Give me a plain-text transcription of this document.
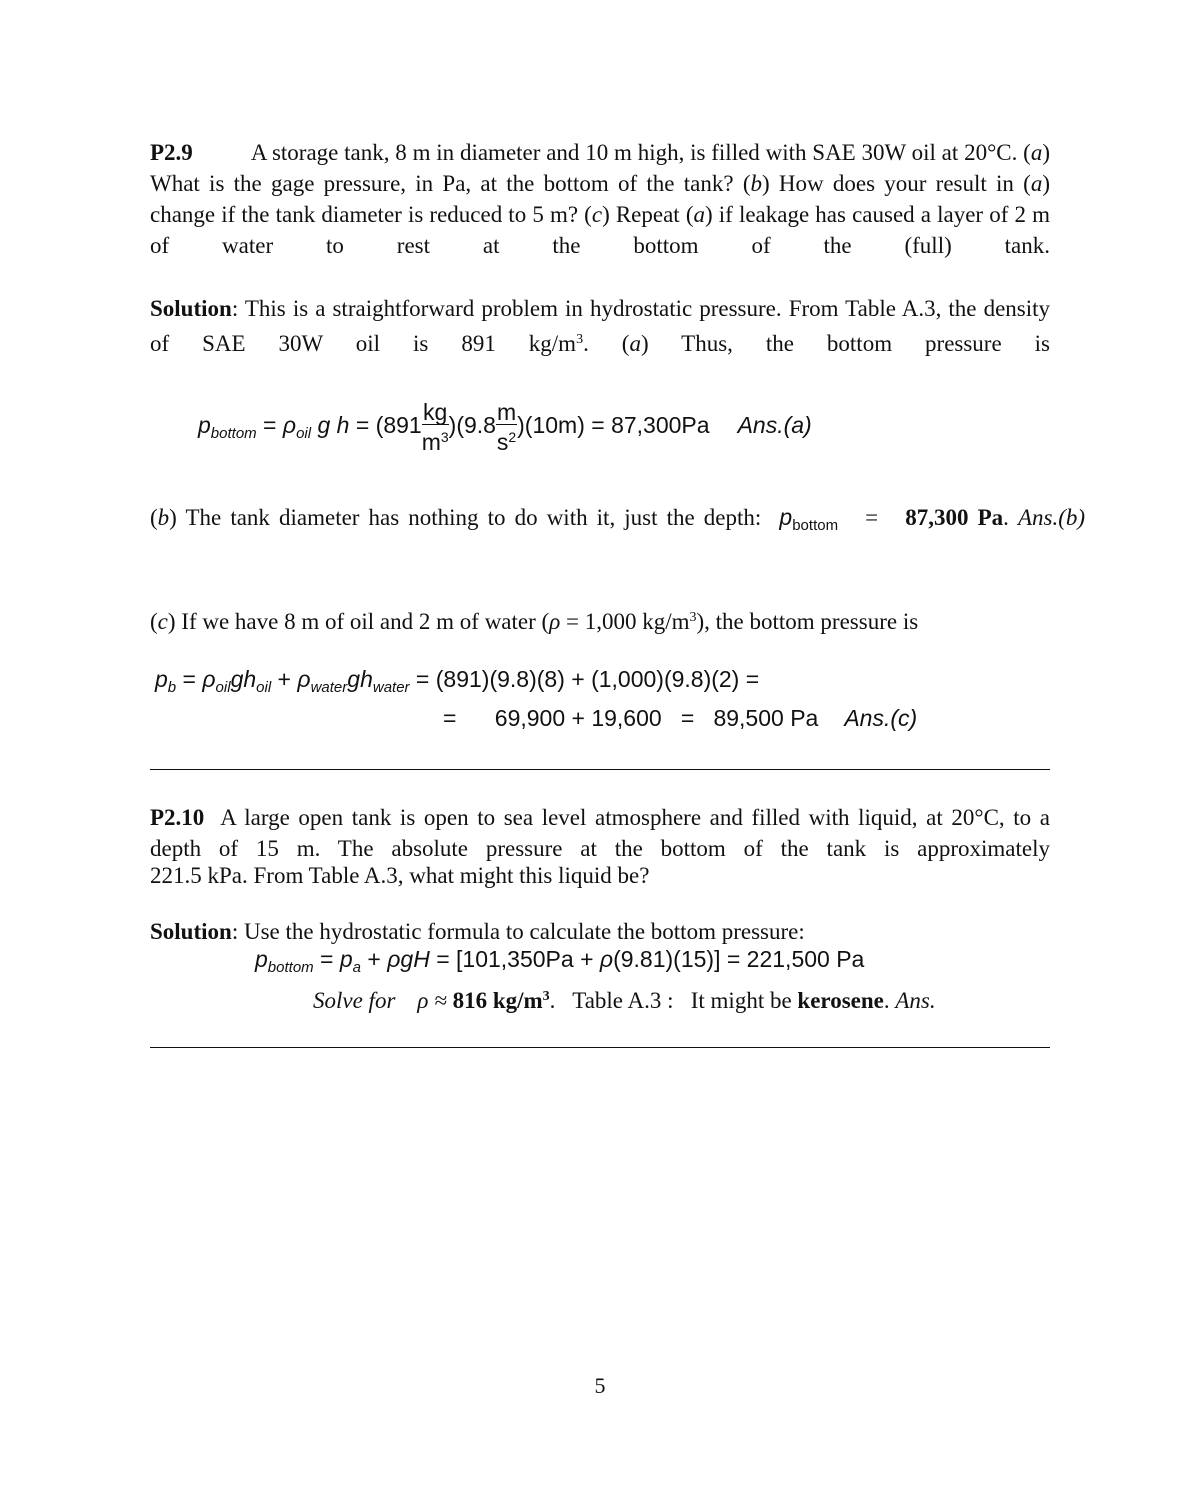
P2.9	A storage tank, 8 m in diameter and 10 m high, is filled with SAE 30W oil at 20°C. (a) What is the gage pressure, in Pa, at the bottom of the tank? (b) How does your result in (a) change if the tank diameter is reduced to 5 m? (c) Repeat (a) if leakage has caused a layer of 2 m of water to rest at the bottom of the (full) tank.
Solution: This is a straightforward problem in hydrostatic pressure. From Table A.3, the density of SAE 30W oil is 891 $kg/m^3$. (a) Thus, the bottom pressure is
$p_{bottom} = \rho_{oil}$ g $h = (891 \frac{kg}{m^3} )(9.8 \frac{m}{s^2} )(10m) = 87,300Pa$ Ans.(a)
(b) The tank diameter has nothing to do with it, just the depth: $p_{bottom} = 87,300$ Pa. Ans.(b)
(c) If we have 8 m of oil and 2 m of water (ρ = 1,000 $kg/m^3$), the bottom pressure is
$p_b = \rho_{oil}gh_{oil} + \rho_{water}gh_{water} = (891)(9.8)(8) + (1,000)(9.8)(2)$ =
=      69,900 + 19,600   =   89,500 Pa Ans.(c)
P2.10 A large open tank is open to sea level atmosphere and filled with liquid, at 20°C, to a depth of 15 m. The absolute pressure at the bottom of the tank is approximately
221.5 kPa. From Table A.3, what might this liquid be?
Solution: Use the hydrostatic formula to calculate the bottom pressure:
$p_{bottom} = p_a + \rho gH = [101,350Pa + \rho(9.81)(15)] = 221,500$ Pa
Solve for ρ ≈ 816 $kg/m^3$.   Table A.3 :   It might be kerosene. Ans.
5
